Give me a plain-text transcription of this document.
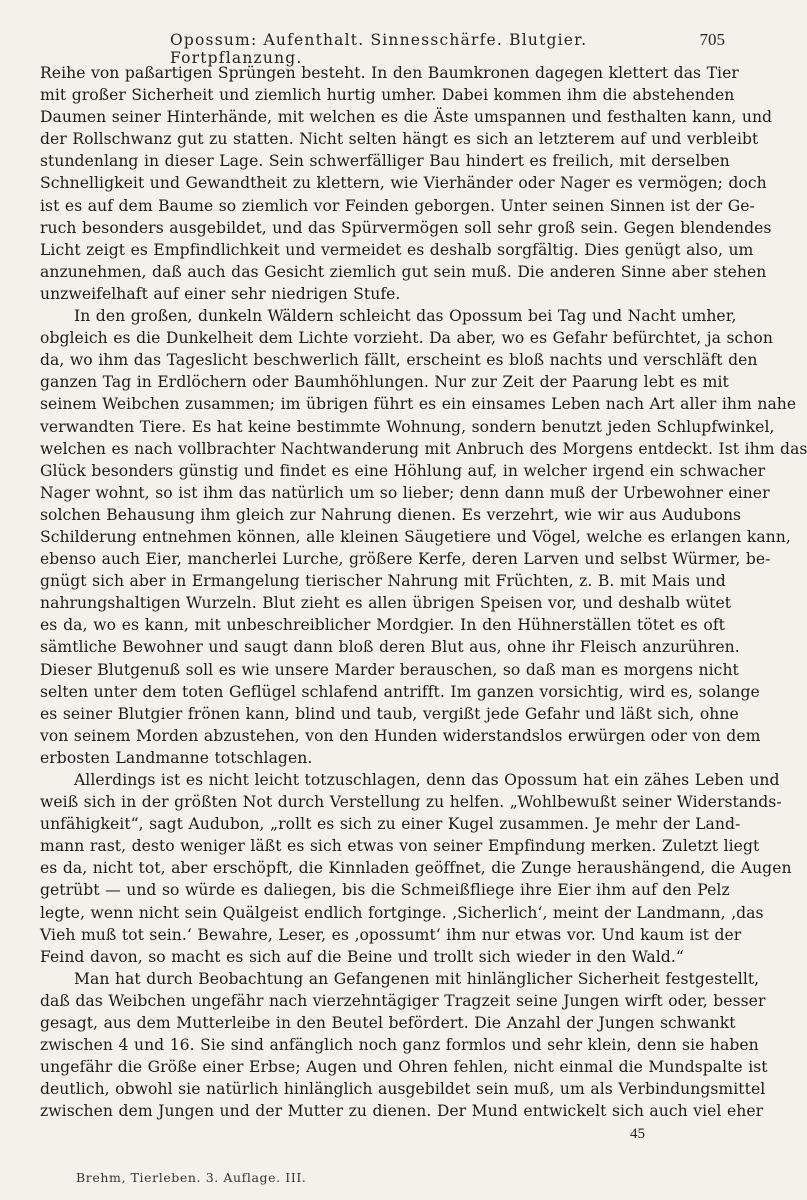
Opossum: Aufenthalt. Sinnesschärfe. Blutgier. Fortpflanzung.
705
Reihe von paßartigen Sprüngen besteht. In den Baumkronen dagegen klettert das Tier
mit großer Sicherheit und ziemlich hurtig umher. Dabei kommen ihm die abstehenden
Daumen seiner Hinterhände, mit welchen es die Äste umspannen und festhalten kann, und
der Rollschwanz gut zu statten. Nicht selten hängt es sich an letzterem auf und verbleibt
stundenlang in dieser Lage. Sein schwerfälliger Bau hindert es freilich, mit derselben
Schnelligkeit und Gewandtheit zu klettern, wie Vierhänder oder Nager es vermögen; doch
ist es auf dem Baume so ziemlich vor Feinden geborgen. Unter seinen Sinnen ist der Ge-
ruch besonders ausgebildet, und das Spürvermögen soll sehr groß sein. Gegen blendendes
Licht zeigt es Empfindlichkeit und vermeidet es deshalb sorgfältig. Dies genügt also, um
anzunehmen, daß auch das Gesicht ziemlich gut sein muß. Die anderen Sinne aber stehen
unzweifelhaft auf einer sehr niedrigen Stufe.
In den großen, dunkeln Wäldern schleicht das Opossum bei Tag und Nacht umher,
obgleich es die Dunkelheit dem Lichte vorzieht. Da aber, wo es Gefahr befürchtet, ja schon
da, wo ihm das Tageslicht beschwerlich fällt, erscheint es bloß nachts und verschläft den
ganzen Tag in Erdlöchern oder Baumhöhlungen. Nur zur Zeit der Paarung lebt es mit
seinem Weibchen zusammen; im übrigen führt es ein einsames Leben nach Art aller ihm nahe
verwandten Tiere. Es hat keine bestimmte Wohnung, sondern benutzt jeden Schlupfwinkel,
welchen es nach vollbrachter Nachtwanderung mit Anbruch des Morgens entdeckt. Ist ihm das
Glück besonders günstig und findet es eine Höhlung auf, in welcher irgend ein schwacher
Nager wohnt, so ist ihm das natürlich um so lieber; denn dann muß der Urbewohner einer
solchen Behausung ihm gleich zur Nahrung dienen. Es verzehrt, wie wir aus Audubons
Schilderung entnehmen können, alle kleinen Säugetiere und Vögel, welche es erlangen kann,
ebenso auch Eier, mancherlei Lurche, größere Kerfe, deren Larven und selbst Würmer, be-
gnügt sich aber in Ermangelung tierischer Nahrung mit Früchten, z. B. mit Mais und
nahrungshaltigen Wurzeln. Blut zieht es allen übrigen Speisen vor, und deshalb wütet
es da, wo es kann, mit unbeschreiblicher Mordgier. In den Hühnerställen tötet es oft
sämtliche Bewohner und saugt dann bloß deren Blut aus, ohne ihr Fleisch anzurühren.
Dieser Blutgenuß soll es wie unsere Marder berauschen, so daß man es morgens nicht
selten unter dem toten Geflügel schlafend antrifft. Im ganzen vorsichtig, wird es, solange
es seiner Blutgier frönen kann, blind und taub, vergißt jede Gefahr und läßt sich, ohne
von seinem Morden abzustehen, von den Hunden widerstandslos erwürgen oder von dem
erbosten Landmanne totschlagen.
Allerdings ist es nicht leicht totzuschlagen, denn das Opossum hat ein zähes Leben und
weiß sich in der größten Not durch Verstellung zu helfen. „Wohlbewußt seiner Widerstands-
unfähigkeit“, sagt Audubon, „rollt es sich zu einer Kugel zusammen. Je mehr der Land-
mann rast, desto weniger läßt es sich etwas von seiner Empfindung merken. Zuletzt liegt
es da, nicht tot, aber erschöpft, die Kinnladen geöffnet, die Zunge heraushängend, die Augen
getrübt — und so würde es daliegen, bis die Schmeißfliege ihre Eier ihm auf den Pelz
legte, wenn nicht sein Quälgeist endlich fortginge. ‚Sicherlich‘, meint der Landmann, ‚das
Vieh muß tot sein.‘ Bewahre, Leser, es ‚opossumt‘ ihm nur etwas vor. Und kaum ist der
Feind davon, so macht es sich auf die Beine und trollt sich wieder in den Wald.“
Man hat durch Beobachtung an Gefangenen mit hinlänglicher Sicherheit festgestellt,
daß das Weibchen ungefähr nach vierzehntägiger Tragzeit seine Jungen wirft oder, besser
gesagt, aus dem Mutterleibe in den Beutel befördert. Die Anzahl der Jungen schwankt
zwischen 4 und 16. Sie sind anfänglich noch ganz formlos und sehr klein, denn sie haben
ungefähr die Größe einer Erbse; Augen und Ohren fehlen, nicht einmal die Mundspalte ist
deutlich, obwohl sie natürlich hinlänglich ausgebildet sein muß, um als Verbindungsmittel
zwischen dem Jungen und der Mutter zu dienen. Der Mund entwickelt sich auch viel eher
45
Brehm, Tierleben. 3. Auflage. III.
